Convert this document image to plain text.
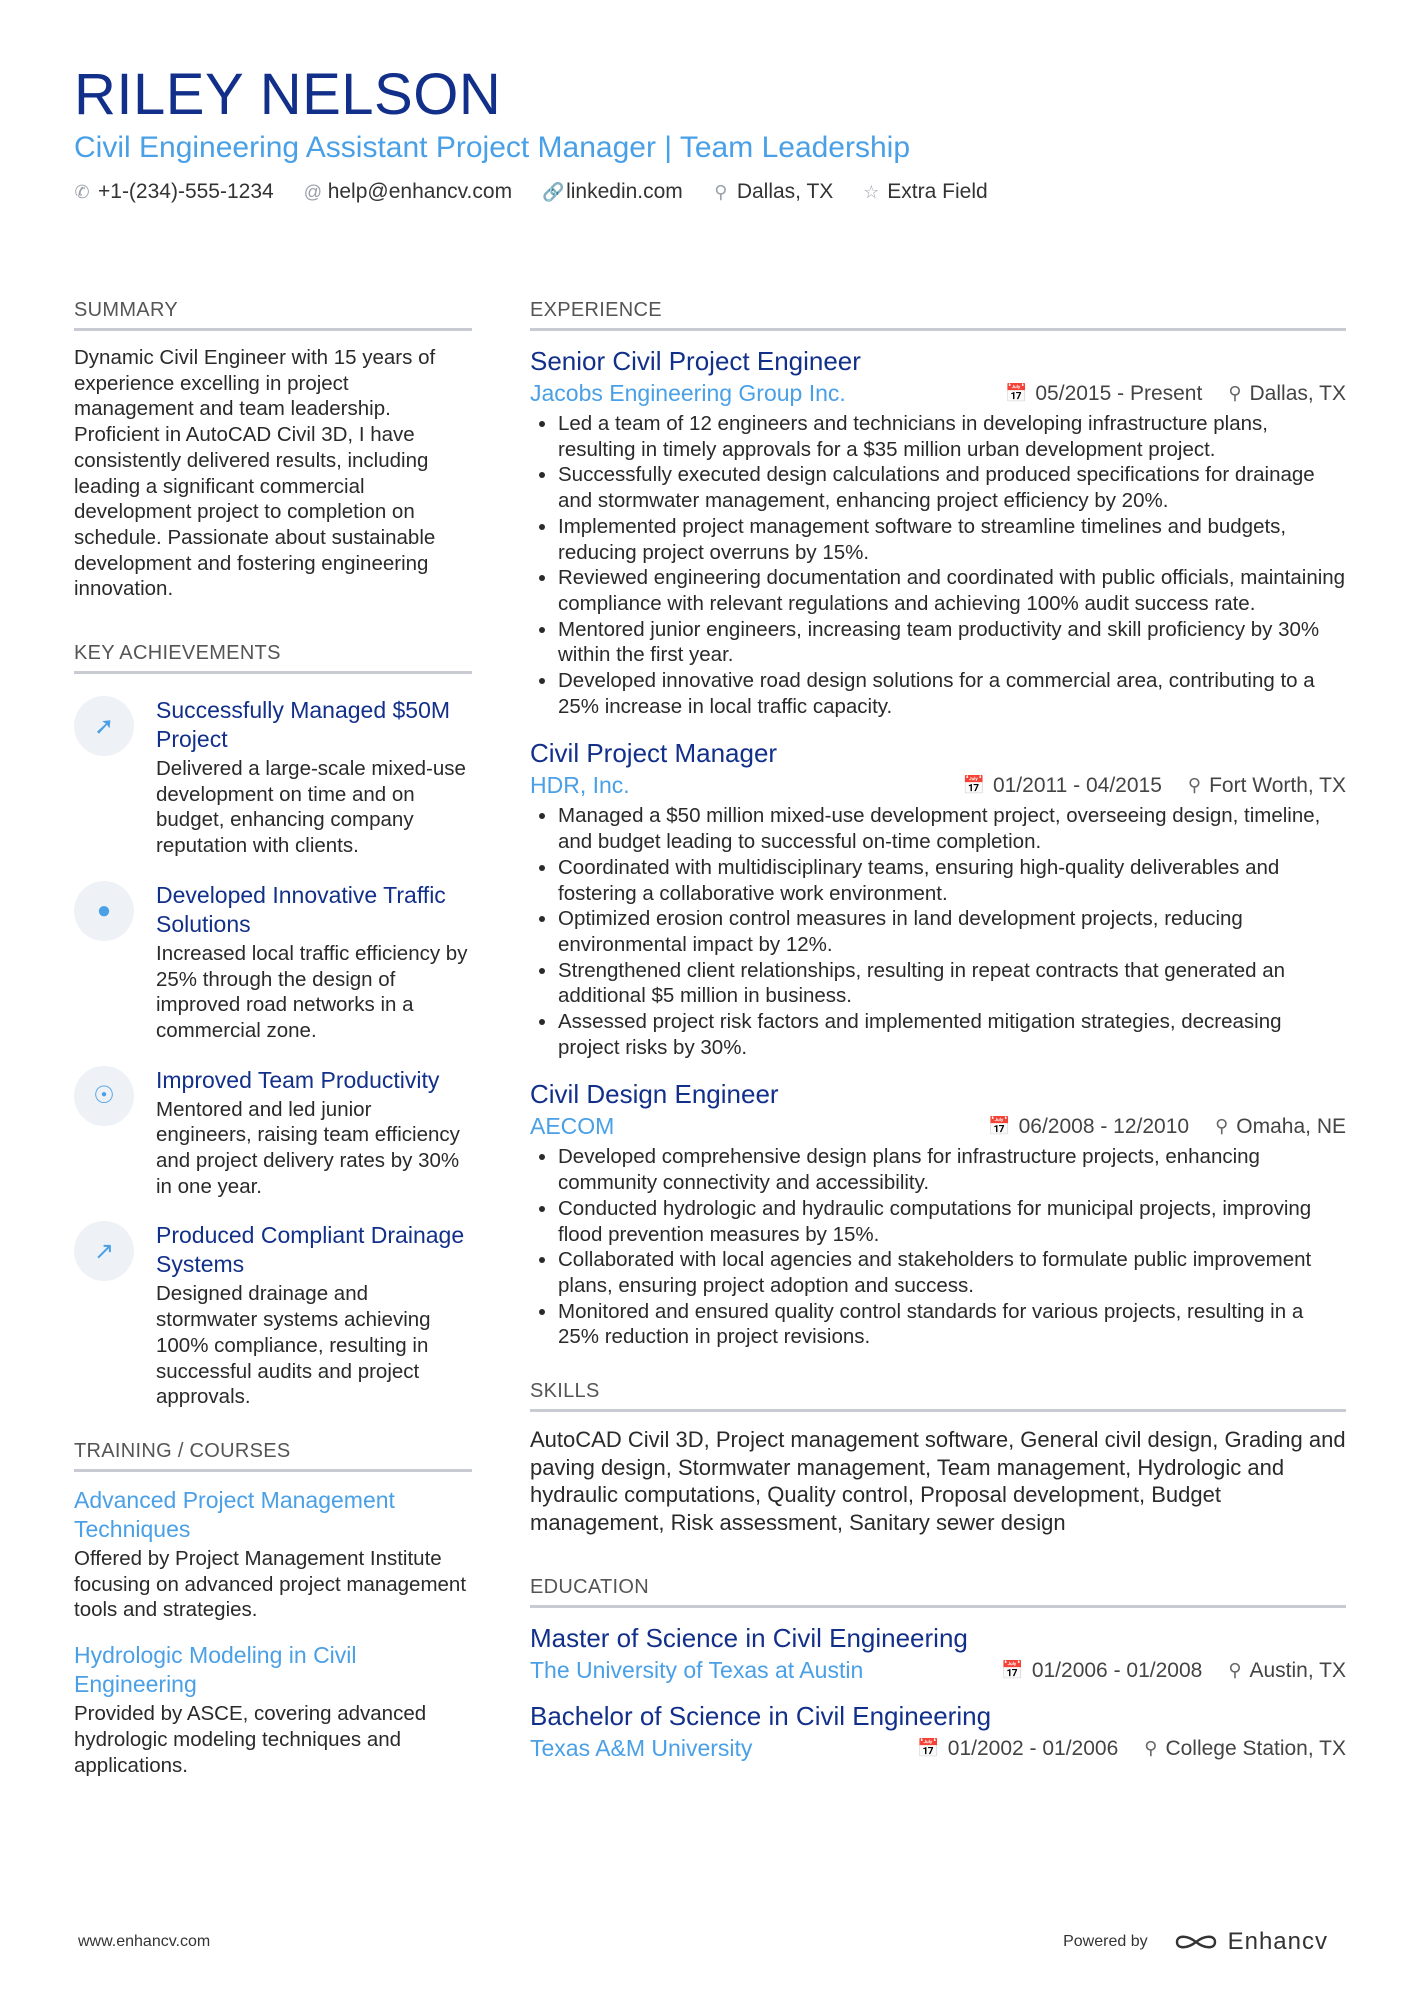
RILEY NELSON
Civil Engineering Assistant Project Manager | Team Leadership
✆ +1-(234)-555-1234 @ help@enhancv.com 🔗 linkedin.com ⚲ Dallas, TX ☆ Extra Field
SUMMARY

Dynamic Civil Engineer with 15 years of experience excelling in project management and team leadership. Proficient in AutoCAD Civil 3D, I have consistently delivered results, including leading a significant commercial development project to completion on schedule. Passionate about sustainable development and fostering engineering innovation.

KEY ACHIEVEMENTS
➚
Successfully Managed $50M Project
Delivered a large-scale mixed-use development on time and on budget, enhancing company reputation with clients.
●
Developed Innovative Traffic Solutions
Increased local traffic efficiency by 25% through the design of improved road networks in a commercial zone.
☉
Improved Team Productivity
Mentored and led junior engineers, raising team efficiency and project delivery rates by 30% in one year.
↗
Produced Compliant Drainage Systems
Designed drainage and stormwater systems achieving 100% compliance, resulting in successful audits and project approvals.
TRAINING / COURSES
Advanced Project Management Techniques
Offered by Project Management Institute focusing on advanced project management tools and strategies.
Hydrologic Modeling in Civil Engineering
Provided by ASCE, covering advanced hydrologic modeling techniques and applications.
EXPERIENCE
Senior Civil Project Engineer
Jacobs Engineering Group Inc.	📅 05/2015 - Present ⚲ Dallas, TX
• Led a team of 12 engineers and technicians in developing infrastructure plans, resulting in timely approvals for a $35 million urban development project.
• Successfully executed design calculations and produced specifications for drainage and stormwater management, enhancing project efficiency by 20%.
• Implemented project management software to streamline timelines and budgets, reducing project overruns by 15%.
• Reviewed engineering documentation and coordinated with public officials, maintaining compliance with relevant regulations and achieving 100% audit success rate.
• Mentored junior engineers, increasing team productivity and skill proficiency by 30% within the first year.
• Developed innovative road design solutions for a commercial area, contributing to a 25% increase in local traffic capacity.
Civil Project Manager
HDR, Inc.	📅 01/2011 - 04/2015 ⚲ Fort Worth, TX
• Managed a $50 million mixed-use development project, overseeing design, timeline, and budget leading to successful on-time completion.
• Coordinated with multidisciplinary teams, ensuring high-quality deliverables and fostering a collaborative work environment.
• Optimized erosion control measures in land development projects, reducing environmental impact by 12%.
• Strengthened client relationships, resulting in repeat contracts that generated an additional $5 million in business.
• Assessed project risk factors and implemented mitigation strategies, decreasing project risks by 30%.
Civil Design Engineer
AECOM	📅 06/2008 - 12/2010 ⚲ Omaha, NE
• Developed comprehensive design plans for infrastructure projects, enhancing community connectivity and accessibility.
• Conducted hydrologic and hydraulic computations for municipal projects, improving flood prevention measures by 15%.
• Collaborated with local agencies and stakeholders to formulate public improvement plans, ensuring project adoption and success.
• Monitored and ensured quality control standards for various projects, resulting in a 25% reduction in project revisions.
SKILLS

AutoCAD Civil 3D, Project management software, General civil design, Grading and paving design, Stormwater management, Team management, Hydrologic and hydraulic computations, Quality control, Proposal development, Budget management, Risk assessment, Sanitary sewer design

EDUCATION
Master of Science in Civil Engineering
The University of Texas at Austin	📅 01/2006 - 01/2008 ⚲ Austin, TX
Bachelor of Science in Civil Engineering
Texas A&M University	📅 01/2002 - 01/2006 ⚲ College Station, TX
www.enhancv.com	Powered by	Enhancv
